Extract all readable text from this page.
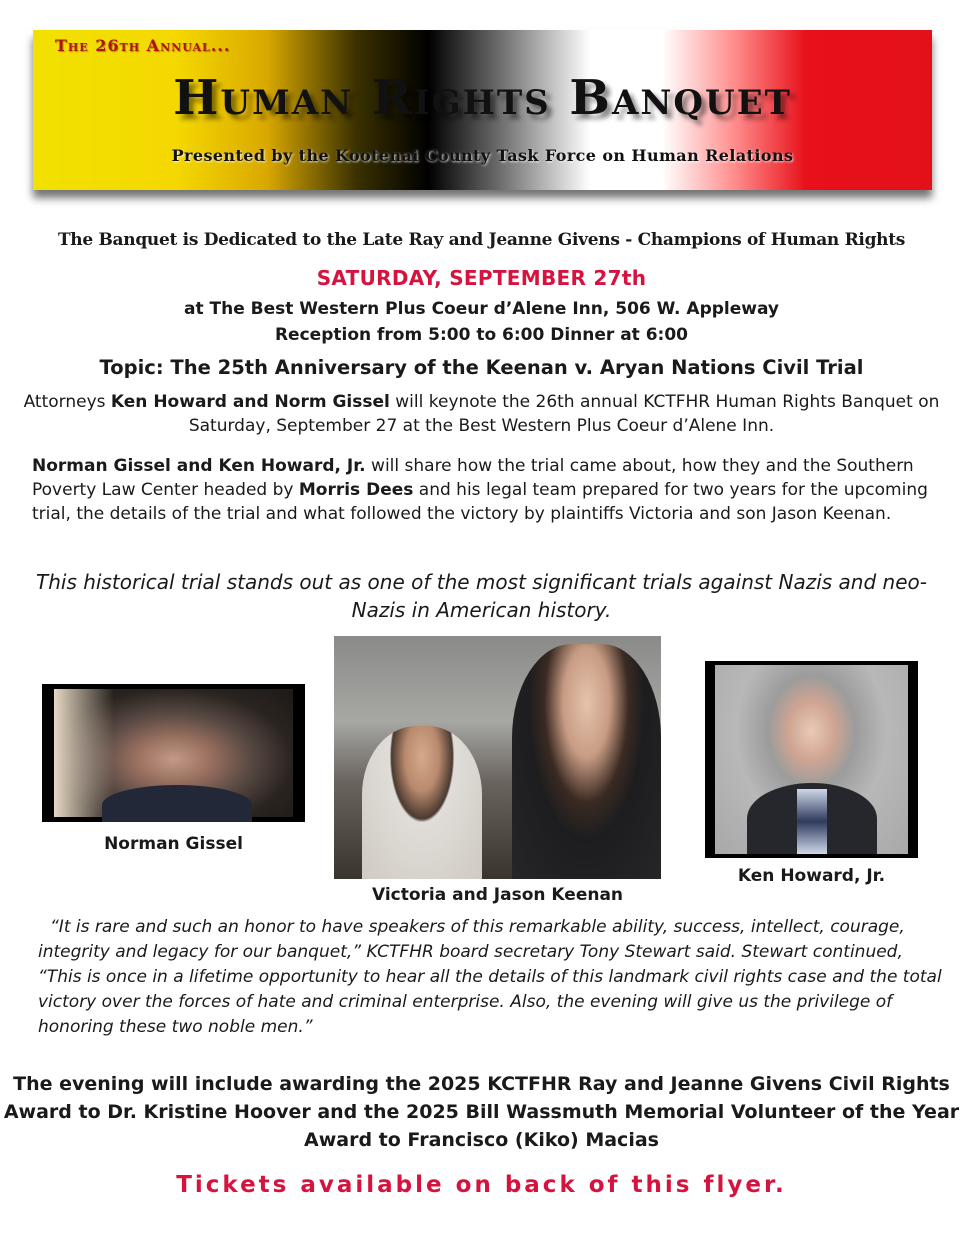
The 26th Annual...
Human Rights Banquet
Presented by the Kootenai County Task Force on Human Relations
The Banquet is Dedicated to the Late Ray and Jeanne Givens - Champions of Human Rights
SATURDAY, SEPTEMBER 27th
at The Best Western Plus Coeur d’Alene Inn, 506 W. Appleway
Reception from 5:00 to 6:00 Dinner at 6:00
Topic: The 25th Anniversary of the Keenan v. Aryan Nations Civil Trial
Attorneys Ken Howard and Norm Gissel will keynote the 26th annual KCTFHR Human Rights Banquet on Saturday, September 27 at the Best Western Plus Coeur d’Alene Inn.
Norman Gissel and Ken Howard, Jr. will share how the trial came about, how they and the Southern Poverty Law Center headed by Morris Dees and his legal team prepared for two years for the upcoming trial, the details of the trial and what followed the victory by plaintiffs Victoria and son Jason Keenan.
This historical trial stands out as one of the most significant trials against Nazis and neo-Nazis in American history.
Norman Gissel
Victoria and Jason Keenan
Ken Howard, Jr.
“It is rare and such an honor to have speakers of this remarkable ability, success, intellect, courage, integrity and legacy for our banquet,” KCTFHR board secretary Tony Stewart said. Stewart continued, “This is once in a lifetime opportunity to hear all the details of this landmark civil rights case and the total victory over the forces of hate and criminal enterprise. Also, the evening will give us the privilege of honoring these two noble men.”
The evening will include awarding the 2025 KCTFHR Ray and Jeanne Givens Civil Rights Award to Dr. Kristine Hoover and the 2025 Bill Wassmuth Memorial Volunteer of the Year Award to Francisco (Kiko) Macias
Tickets available on back of this flyer.
